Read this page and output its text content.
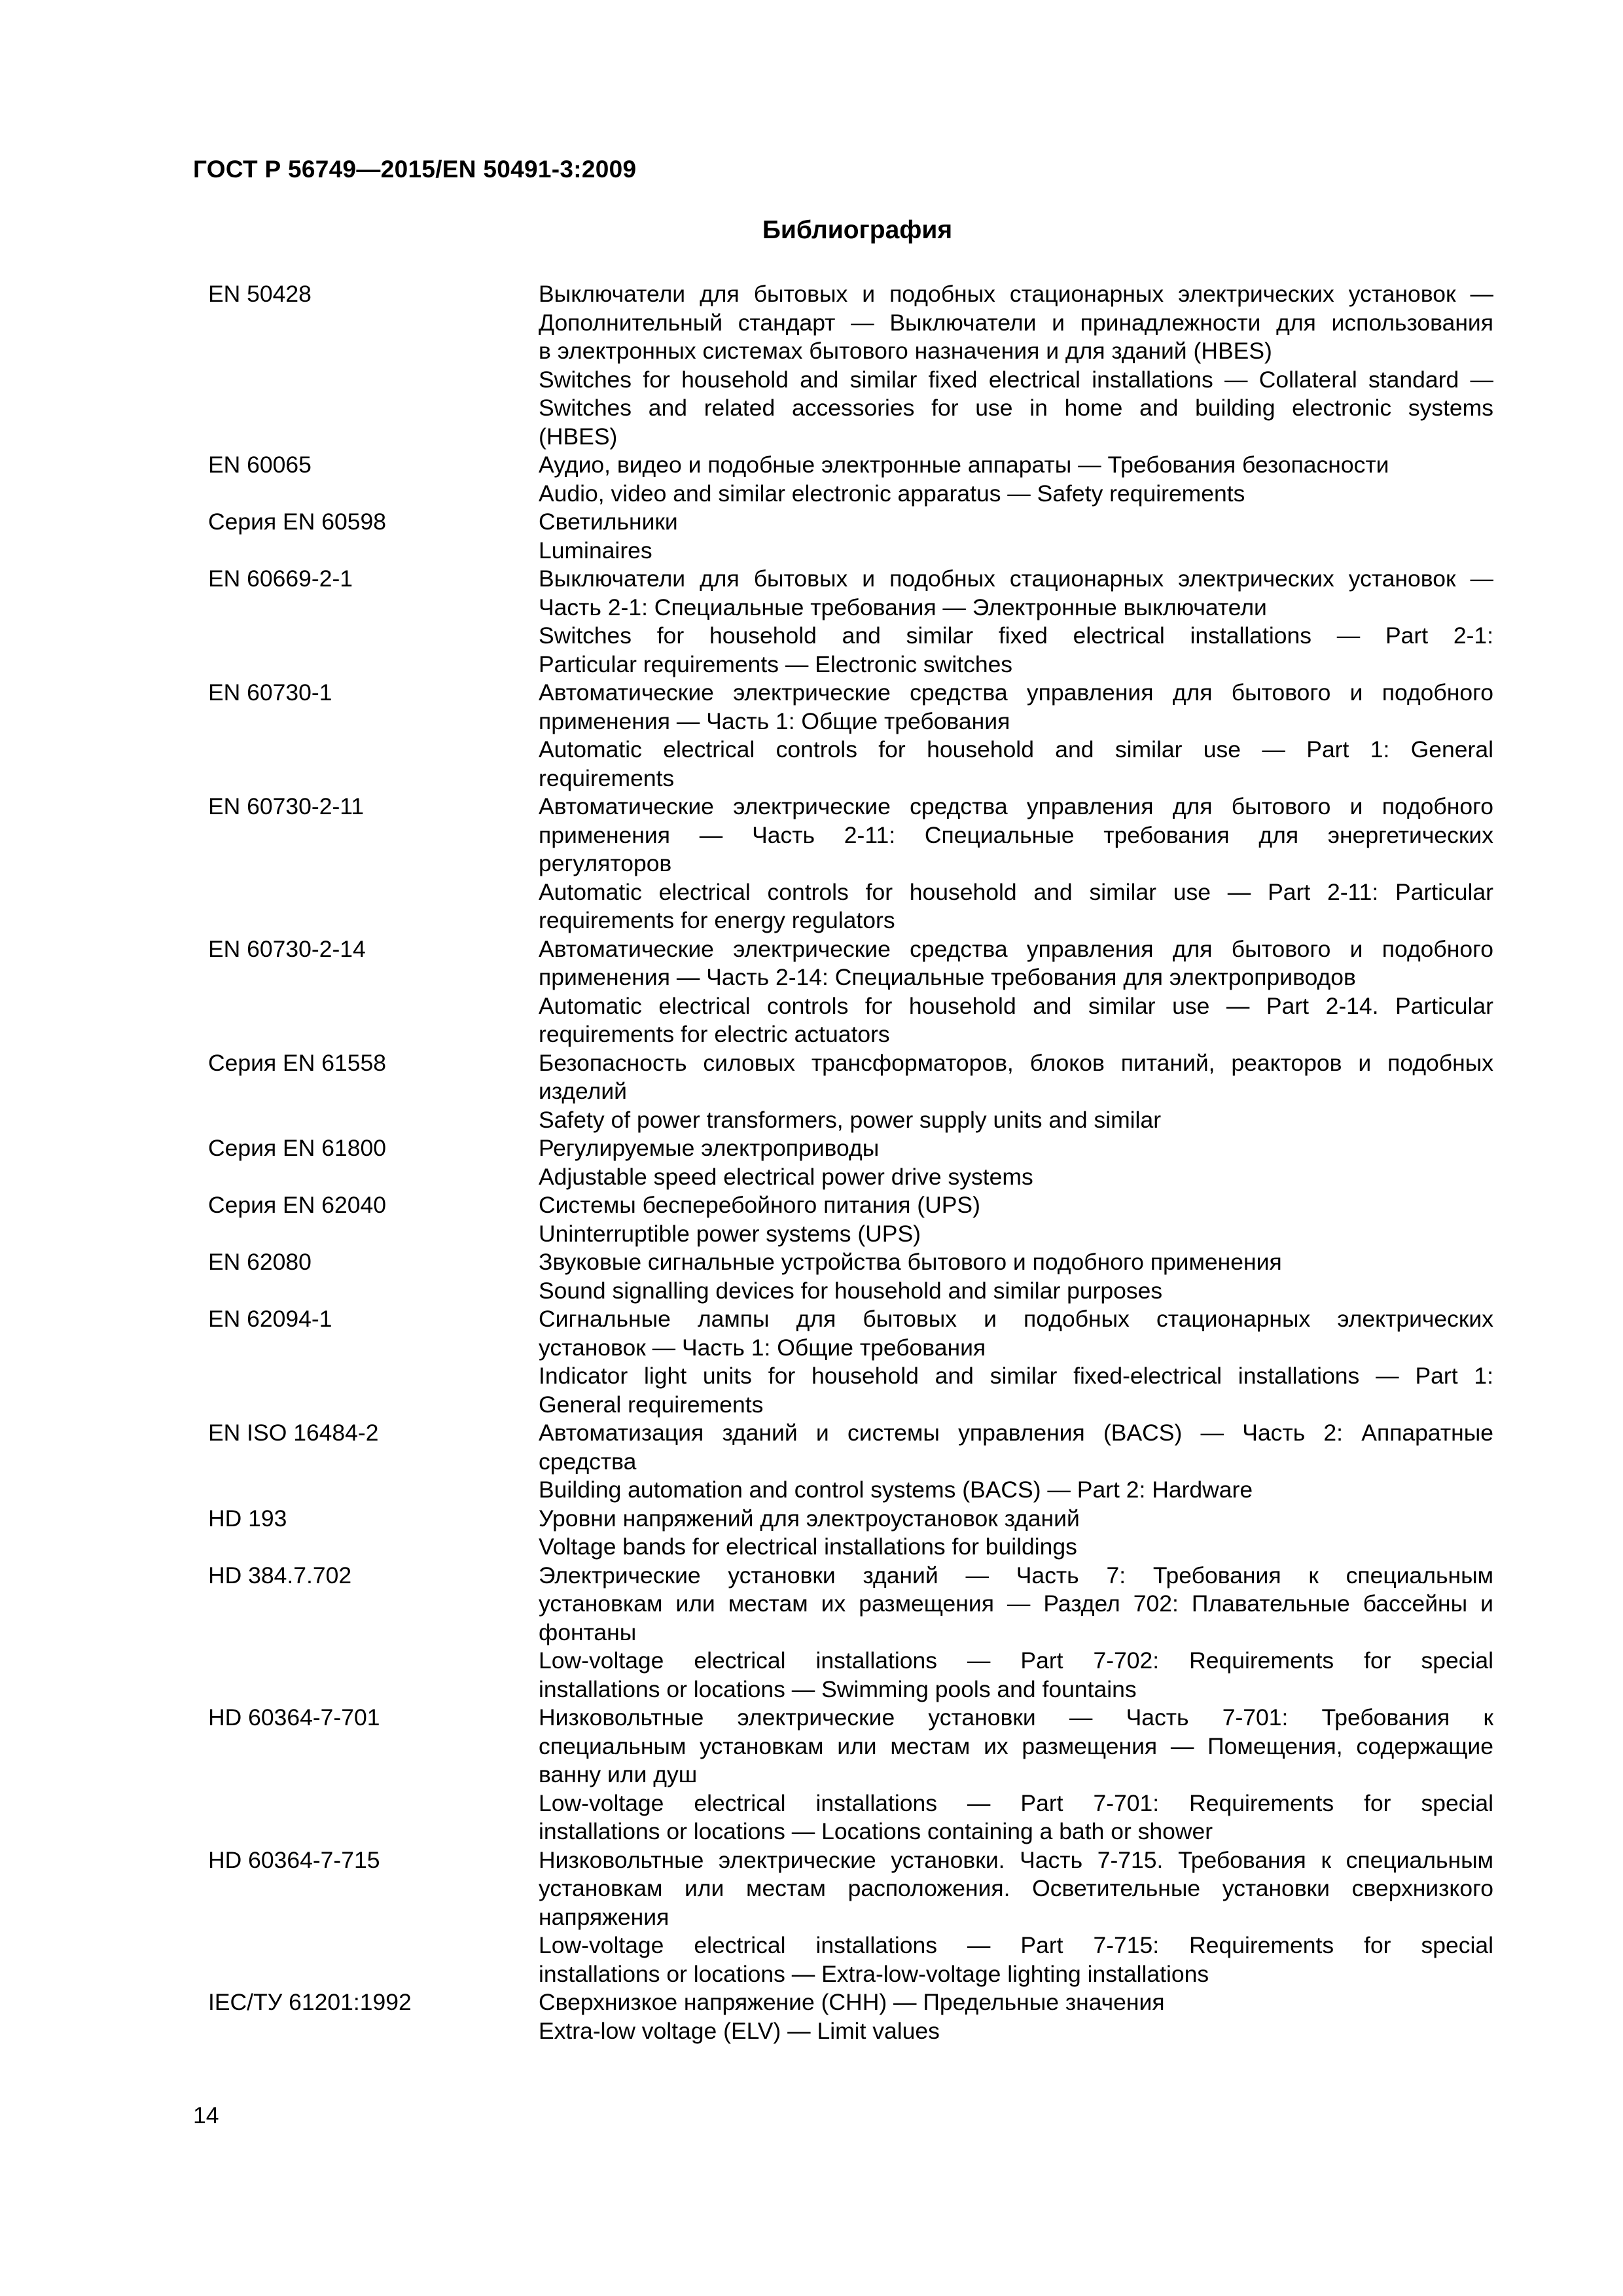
ГОСТ Р 56749—2015/EN 50491-3:2009
Библиография
EN 50428	Выключатели для бытовых и подобных стационарных электрических установок —
Дополнительный стандарт — Выключатели и принадлежности для использования
в электронных системах бытового назначения и для зданий (HBES)
Switches for household and similar fixed electrical installations — Collateral standard —
Switches and related accessories for use in home and building electronic systems
(HBES)
EN 60065	Аудио, видео и подобные электронные аппараты — Требования безопасности
Audio, video and similar electronic apparatus — Safety requirements
Серия EN 60598	Светильники
Luminaires
EN 60669-2-1	Выключатели для бытовых и подобных стационарных электрических установок —
Часть 2-1: Специальные требования — Электронные выключатели
Switches for household and similar fixed electrical installations — Part 2-1:
Particular requirements — Electronic switches
EN 60730-1	Автоматические электрические средства управления для бытового и подобного
применения — Часть 1: Общие требования
Automatic electrical controls for household and similar use — Part 1: General
requirements
EN 60730-2-11	Автоматические электрические средства управления для бытового и подобного
применения — Часть 2-11: Специальные требования для энергетических
регуляторов
Automatic electrical controls for household and similar use — Part 2-11: Particular
requirements for energy regulators
EN 60730-2-14	Автоматические электрические средства управления для бытового и подобного
применения — Часть 2-14: Специальные требования для электроприводов
Automatic electrical controls for household and similar use — Part 2-14. Particular
requirements for electric actuators
Серия EN 61558	Безопасность силовых трансформаторов, блоков питаний, реакторов и подобных
изделий
Safety of power transformers, power supply units and similar
Серия EN 61800	Регулируемые электроприводы
Adjustable speed electrical power drive systems
Серия EN 62040	Системы бесперебойного питания (UPS)
Uninterruptible power systems (UPS)
EN 62080	Звуковые сигнальные устройства бытового и подобного применения
Sound signalling devices for household and similar purposes
EN 62094-1	Сигнальные лампы для бытовых и подобных стационарных электрических
установок — Часть 1: Общие требования
Indicator light units for household and similar fixed-electrical installations — Part 1:
General requirements
EN ISO 16484-2	Автоматизация зданий и системы управления (BACS) — Часть 2: Аппаратные
средства
Building automation and control systems (BACS) — Part 2: Hardware
HD 193	Уровни напряжений для электроустановок зданий
Voltage bands for electrical installations for buildings
HD 384.7.702	Электрические установки зданий — Часть 7: Требования к специальным
установкам или местам их размещения — Раздел 702: Плавательные бассейны и
фонтаны
Low-voltage electrical installations — Part 7-702: Requirements for special
installations or locations — Swimming pools and fountains
HD 60364-7-701	Низковольтные электрические установки — Часть 7-701: Требования к
специальным установкам или местам их размещения — Помещения, содержащие
ванну или душ
Low-voltage electrical installations — Part 7-701: Requirements for special
installations or locations — Locations containing a bath or shower
HD 60364-7-715	Низковольтные электрические установки. Часть 7-715. Требования к специальным
установкам или местам расположения. Осветительные установки сверхнизкого
напряжения
Low-voltage electrical installations — Part 7-715: Requirements for special
installations or locations — Extra-low-voltage lighting installations
IEC/ТУ 61201:1992	Сверхнизкое напряжение (СНН) — Предельные значения
Extra-low voltage (ELV) — Limit values
14
